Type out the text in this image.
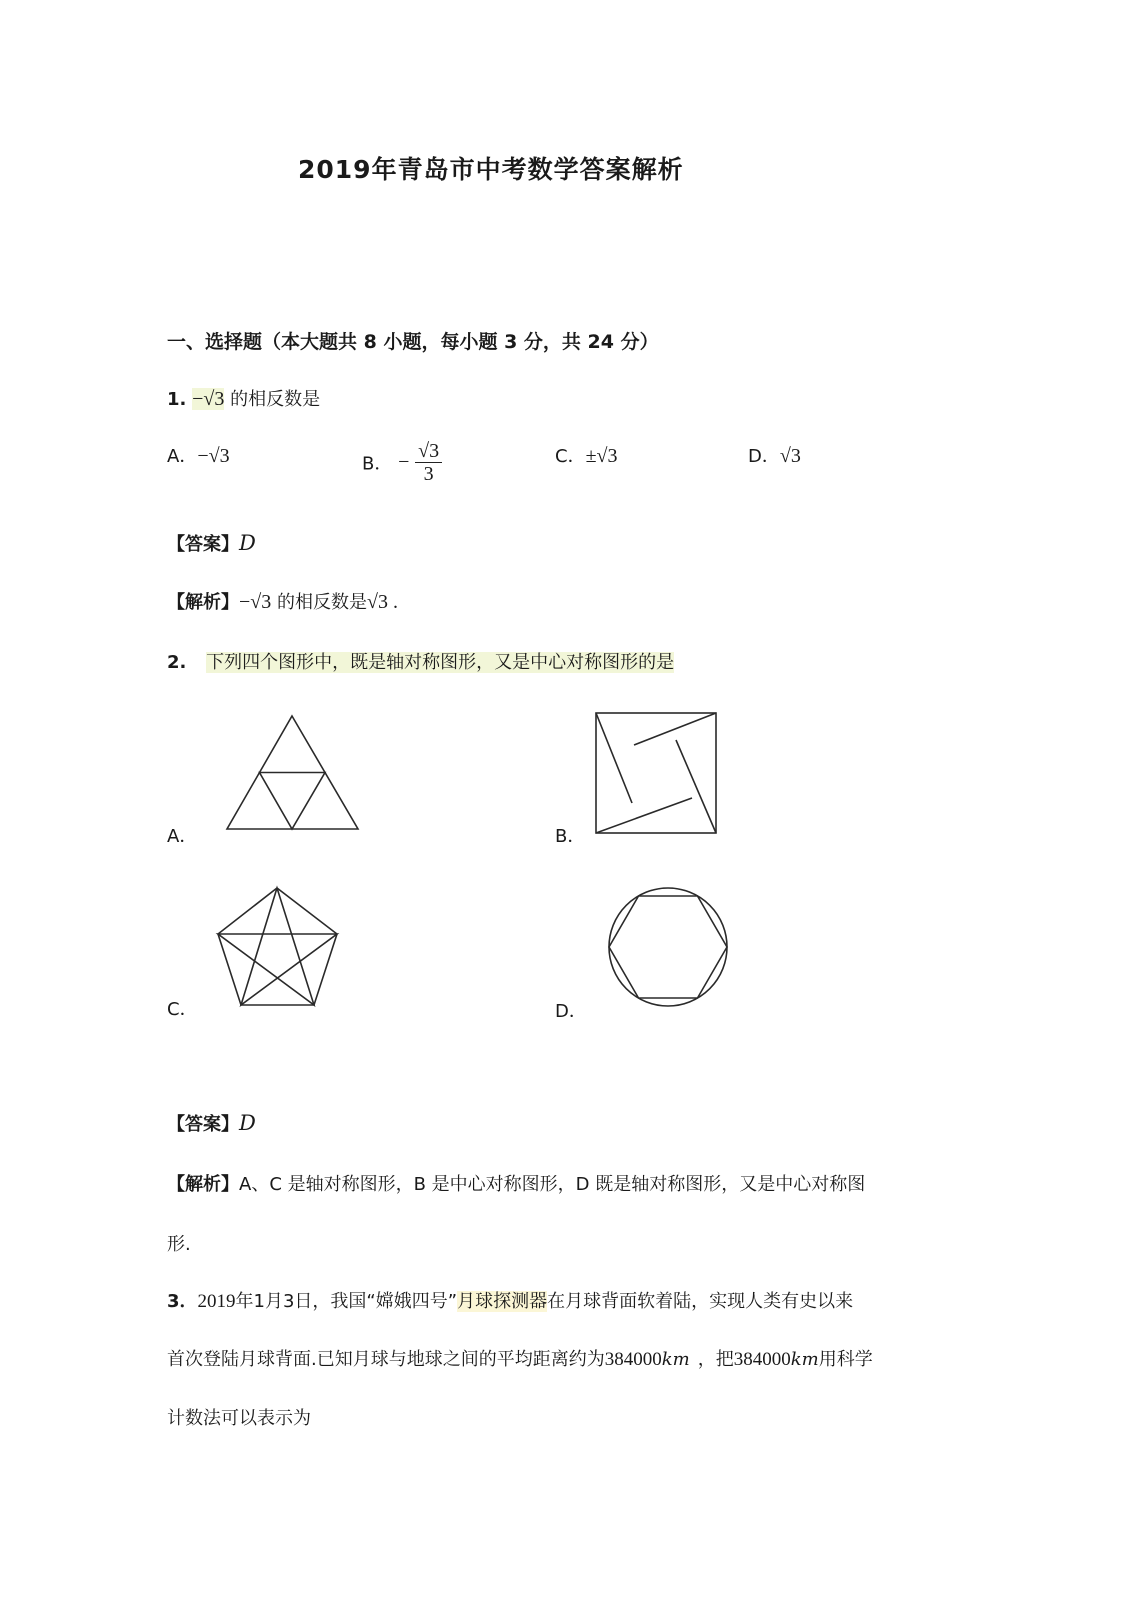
2019年青岛市中考数学答案解析
一、选择题（本大题共 8 小题，每小题 3 分，共 24 分）
1. −√3 的相反数是
A．−√3	B． − $\frac{√3}{3}$	C．±√3	D．√3
【答案】D
【解析】−√3 的相反数是√3 .
2. 下列四个图形中，既是轴对称图形，又是中心对称图形的是
A．	B．
C．	D．
【答案】D
【解析】A、C 是轴对称图形，B 是中心对称图形，D 既是轴对称图形，又是中心对称图
形.
3．2019年1月3日，我国“嫦娥四号”月球探测器在月球背面软着陆，实现人类有史以来
首次登陆月球背面.已知月球与地球之间的平均距离约为384000km ，把384000km用科学
计数法可以表示为
